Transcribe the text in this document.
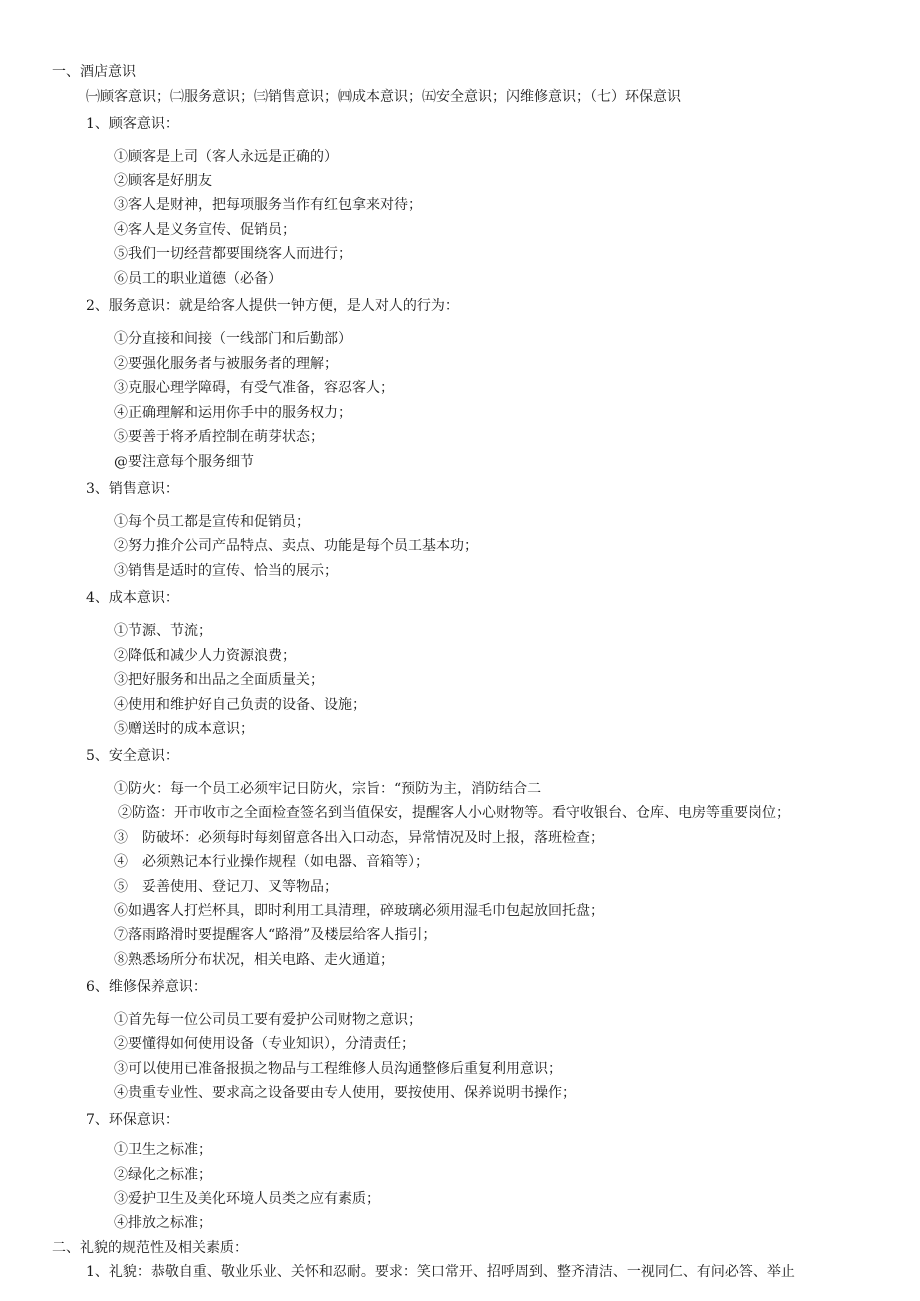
一、酒店意识
㈠顾客意识；㈡服务意识；㈢销售意识；㈣成本意识；㈤安全意识；闪维修意识；（七）环保意识
1、顾客意识：
①顾客是上司（客人永远是正确的）
②顾客是好朋友
③客人是财神，把每项服务当作有红包拿来对待；
④客人是义务宣传、促销员；
⑤我们一切经营都要围绕客人而进行；
⑥员工的职业道德（必备）
2、服务意识：就是给客人提供一钟方便，是人对人的行为：
①分直接和间接（一线部门和后勤部）
②要强化服务者与被服务者的理解；
③克服心理学障碍，有受气准备，容忍客人；
④正确理解和运用你手中的服务权力；
⑤要善于将矛盾控制在萌芽状态；
@要注意每个服务细节
3、销售意识：
①每个员工都是宣传和促销员；
②努力推介公司产品特点、卖点、功能是每个员工基本功；
③销售是适时的宣传、恰当的展示；
4、成本意识：
①节源、节流；
②降低和减少人力资源浪费；
③把好服务和出品之全面质量关；
④使用和维护好自己负责的设备、设施；
⑤赠送时的成本意识；
5、安全意识：
①防火：每一个员工必须牢记日防火，宗旨：“预防为主，消防结合二
②防盗：开市收市之全面检查签名到当值保安，提醒客人小心财物等。看守收银台、仓库、电房等重要岗位；
③　防破坏：必须每时每刻留意各出入口动态，异常情况及时上报，落班检查；
④　必须熟记本行业操作规程（如电器、音箱等）；
⑤　妥善使用、登记刀、叉等物品；
⑥如遇客人打烂杯具，即时利用工具清理，碎玻璃必须用湿毛巾包起放回托盘；
⑦落雨路滑时要提醒客人“路滑”及楼层给客人指引；
⑧熟悉场所分布状况，相关电路、走火通道；
6、维修保养意识：
①首先每一位公司员工要有爱护公司财物之意识；
②要懂得如何使用设备（专业知识），分清责任；
③可以使用已准备报损之物品与工程维修人员沟通整修后重复利用意识；
④贵重专业性、要求高之设备要由专人使用，要按使用、保养说明书操作；
7、环保意识：
①卫生之标准；
②绿化之标准；
③爱护卫生及美化环境人员类之应有素质；
④排放之标准；
二、礼貌的规范性及相关素质：
1、礼貌：恭敬自重、敬业乐业、关怀和忍耐。要求：笑口常开、招呼周到、整齐清洁、一视同仁、有问必答、举止
